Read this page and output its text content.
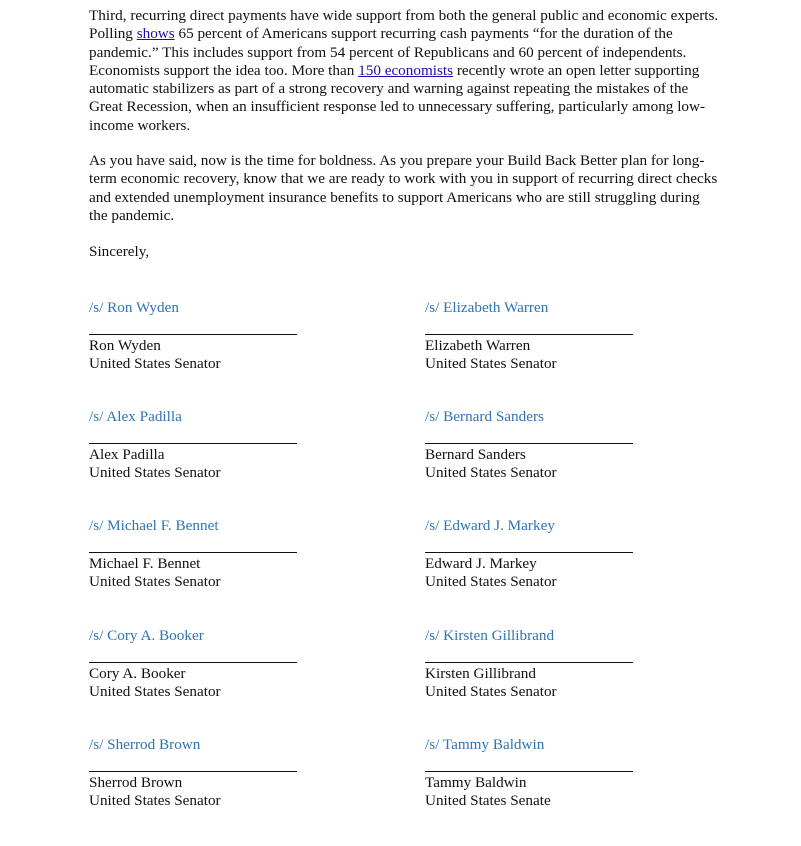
Third, recurring direct payments have wide support from both the general public and economic experts. Polling shows 65 percent of Americans support recurring cash payments “for the duration of the pandemic.” This includes support from 54 percent of Republicans and 60 percent of independents. Economists support the idea too. More than 150 economists recently wrote an open letter supporting automatic stabilizers as part of a strong recovery and warning against repeating the mistakes of the Great Recession, when an insufficient response led to unnecessary suffering, particularly among low-income workers.

As you have said, now is the time for boldness. As you prepare your Build Back Better plan for long-term economic recovery, know that we are ready to work with you in support of recurring direct checks and extended unemployment insurance benefits to support Americans who are still struggling during the pandemic.

Sincerely,
/s/ Ron Wyden
Ron Wyden
United States Senator
/s/ Elizabeth Warren
Elizabeth Warren
United States Senator
/s/ Alex Padilla
Alex Padilla
United States Senator
/s/ Bernard Sanders
Bernard Sanders
United States Senator
/s/ Michael F. Bennet
Michael F. Bennet
United States Senator
/s/ Edward J. Markey
Edward J. Markey
United States Senator
/s/ Cory A. Booker
Cory A. Booker
United States Senator
/s/ Kirsten Gillibrand
Kirsten Gillibrand
United States Senator
/s/ Sherrod Brown
Sherrod Brown
United States Senator
/s/ Tammy Baldwin
Tammy Baldwin
United States Senate
